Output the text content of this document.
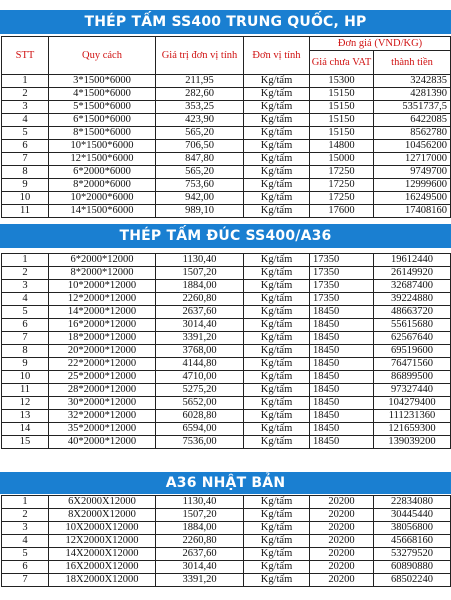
THÉP TẤM SS400 TRUNG QUỐC, HP
STT	Quy cách	Giá trị đơn vị tính	Đơn vị tính	Đơn giá (VND/KG)	
				Giá chưa VAT	thành tiền
1	3*1500*6000	211,95	Kg/tấm	15300	3242835
2	4*1500*6000	282,60	Kg/tấm	15150	4281390
3	5*1500*6000	353,25	Kg/tấm	15150	5351737,5
4	6*1500*6000	423,90	Kg/tấm	15150	6422085
5	8*1500*6000	565,20	Kg/tấm	15150	8562780
6	10*1500*6000	706,50	Kg/tấm	14800	10456200
7	12*1500*6000	847,80	Kg/tấm	15000	12717000
8	6*2000*6000	565,20	Kg/tấm	17250	9749700
9	8*2000*6000	753,60	Kg/tấm	17250	12999600
10	10*2000*6000	942,00	Kg/tấm	17250	16249500
11	14*1500*6000	989,10	Kg/tấm	17600	17408160
THÉP TẤM ĐÚC SS400/A36
1	6*2000*12000	1130,40	Kg/tấm	17350	19612440
2	8*2000*12000	1507,20	Kg/tấm	17350	26149920
3	10*2000*12000	1884,00	Kg/tấm	17350	32687400
4	12*2000*12000	2260,80	Kg/tấm	17350	39224880
5	14*2000*12000	2637,60	Kg/tấm	18450	48663720
6	16*2000*12000	3014,40	Kg/tấm	18450	55615680
7	18*2000*12000	3391,20	Kg/tấm	18450	62567640
8	20*2000*12000	3768,00	Kg/tấm	18450	69519600
9	22*2000*12000	4144,80	Kg/tấm	18450	76471560
10	25*2000*12000	4710,00	Kg/tấm	18450	86899500
11	28*2000*12000	5275,20	Kg/tấm	18450	97327440
12	30*2000*12000	5652,00	Kg/tấm	18450	104279400
13	32*2000*12000	6028,80	Kg/tấm	18450	111231360
14	35*2000*12000	6594,00	Kg/tấm	18450	121659300
15	40*2000*12000	7536,00	Kg/tấm	18450	139039200
A36 NHẬT BẢN
1	6X2000X12000	1130,40	Kg/tấm	20200	22834080
2	8X2000X12000	1507,20	Kg/tấm	20200	30445440
3	10X2000X12000	1884,00	Kg/tấm	20200	38056800
4	12X2000X12000	2260,80	Kg/tấm	20200	45668160
5	14X2000X12000	2637,60	Kg/tấm	20200	53279520
6	16X2000X12000	3014,40	Kg/tấm	20200	60890880
7	18X2000X12000	3391,20	Kg/tấm	20200	68502240
